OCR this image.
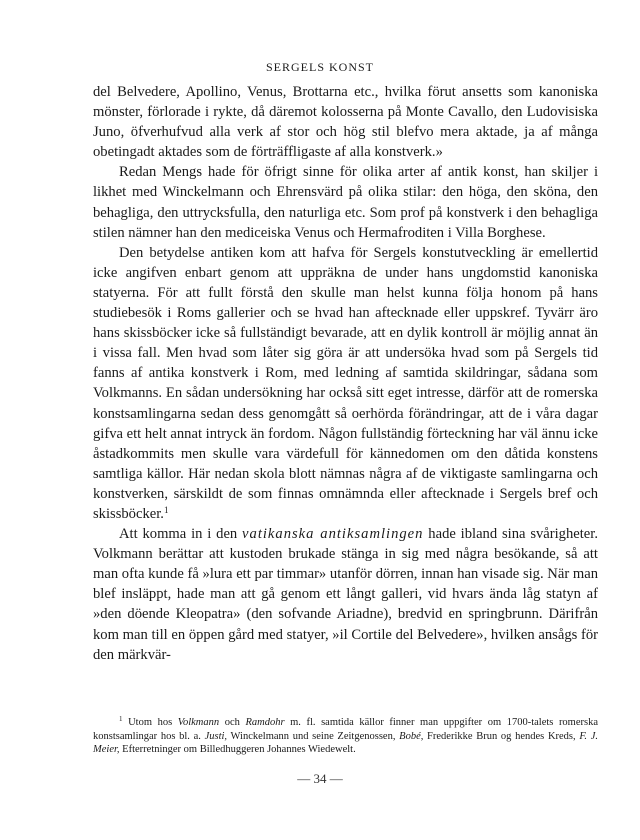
SERGELS KONST

del Belvedere, Apollino, Venus, Brottarna etc., hvilka förut ansetts som kanoniska mönster, förlorade i rykte, då däremot kolosserna på Monte Cavallo, den Ludovisiska Juno, öfverhufvud alla verk af stor och hög stil blefvo mera aktade, ja af många obetingadt aktades som de förträffligaste af alla konstverk.»

Redan Mengs hade för öfrigt sinne för olika arter af antik konst, han skiljer i likhet med Winckelmann och Ehrensvärd på olika stilar: den höga, den sköna, den behagliga, den uttrycksfulla, den naturliga etc. Som prof på konstverk i den behagliga stilen nämner han den mediceiska Venus och Hermafroditen i Villa Borghese.

Den betydelse antiken kom att hafva för Sergels konstutveckling är emellertid icke angifven enbart genom att uppräkna de under hans ungdomstid kanoniska statyerna. För att fullt förstå den skulle man helst kunna följa honom på hans studiebesök i Roms gallerier och se hvad han aftecknade eller uppskref. Tyvärr äro hans skissböcker icke så fullständigt bevarade, att en dylik kontroll är möjlig annat än i vissa fall. Men hvad som låter sig göra är att undersöka hvad som på Sergels tid fanns af antika konstverk i Rom, med ledning af samtida skildringar, sådana som Volkmanns. En sådan undersökning har också sitt eget intresse, därför att de romerska konstsamlingarna sedan dess genomgått så oerhörda förändringar, att de i våra dagar gifva ett helt annat intryck än fordom. Någon fullständig förteckning har väl ännu icke åstadkommits men skulle vara värdefull för kännedomen om den dåtida konstens samtliga källor. Här nedan skola blott nämnas några af de viktigaste samlingarna och konstverken, särskildt de som finnas omnämnda eller aftecknade i Sergels bref och skissböcker.$^1$

Att komma in i den vatikanska antiksamlingen hade ibland sina svårigheter. Volkmann berättar att kustoden brukade stänga in sig med några besökande, så att man ofta kunde få »lura ett par timmar» utanför dörren, innan han visade sig. När man blef insläppt, hade man att gå genom ett långt galleri, vid hvars ända låg statyn af »den döende Kleopatra» (den sofvande Ariadne), bredvid en springbrunn. Därifrån kom man till en öppen gård med statyer, »il Cortile del Belvedere», hvilken ansågs för den märkvär-

$^1$ Utom hos Volkmann och Ramdohr m. fl. samtida källor finner man uppgifter om 1700-talets romerska konstsamlingar hos bl. a. Justi, Winckelmann und seine Zeitgenossen, Bobé, Frederikke Brun og hendes Kreds, F. J. Meier, Efterretninger om Billedhuggeren Johannes Wiedewelt.
— 34 —
